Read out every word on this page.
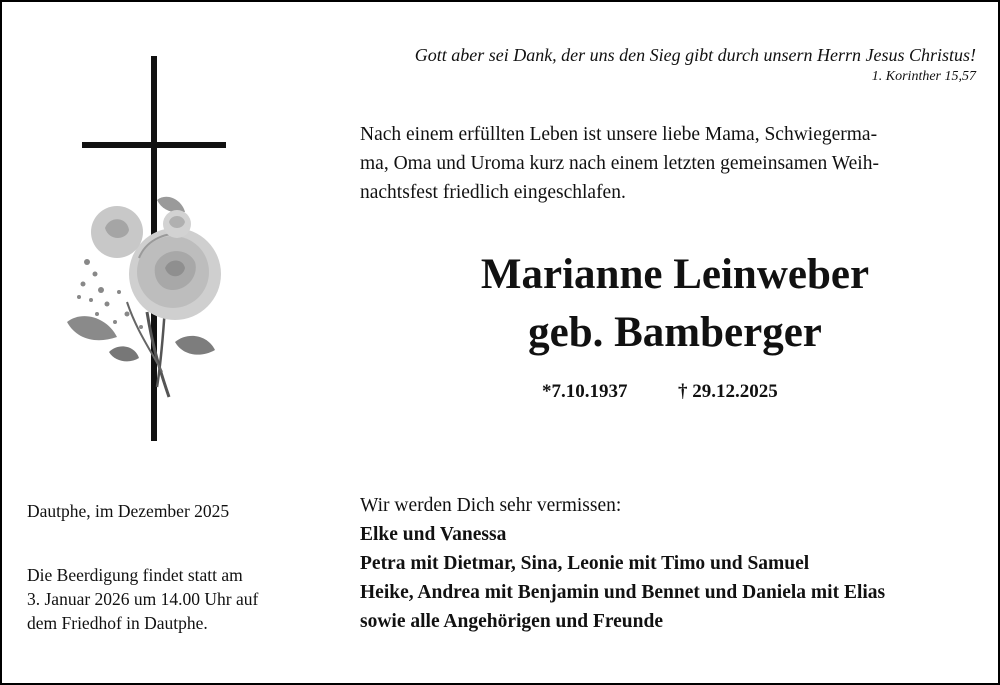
Gott aber sei Dank, der uns den Sieg gibt durch unsern Herrn Jesus Christus!
1. Korinther 15,57
Nach einem erfüllten Leben ist unsere liebe Mama, Schwiegerma-
ma, Oma und Uroma kurz nach einem letzten gemeinsamen Weih-
nachtsfest friedlich eingeschlafen.
Marianne Leinweber
geb. Bamberger
*7.10.1937	† 29.12.2025
Wir werden Dich sehr vermissen:
Elke und Vanessa
Petra mit Dietmar, Sina, Leonie mit Timo und Samuel
Heike, Andrea mit Benjamin und Bennet und Daniela mit Elias
sowie alle Angehörigen und Freunde
Dautphe, im Dezember 2025
Die Beerdigung findet statt am
3. Januar 2026 um 14.00 Uhr auf
dem Friedhof in Dautphe.
